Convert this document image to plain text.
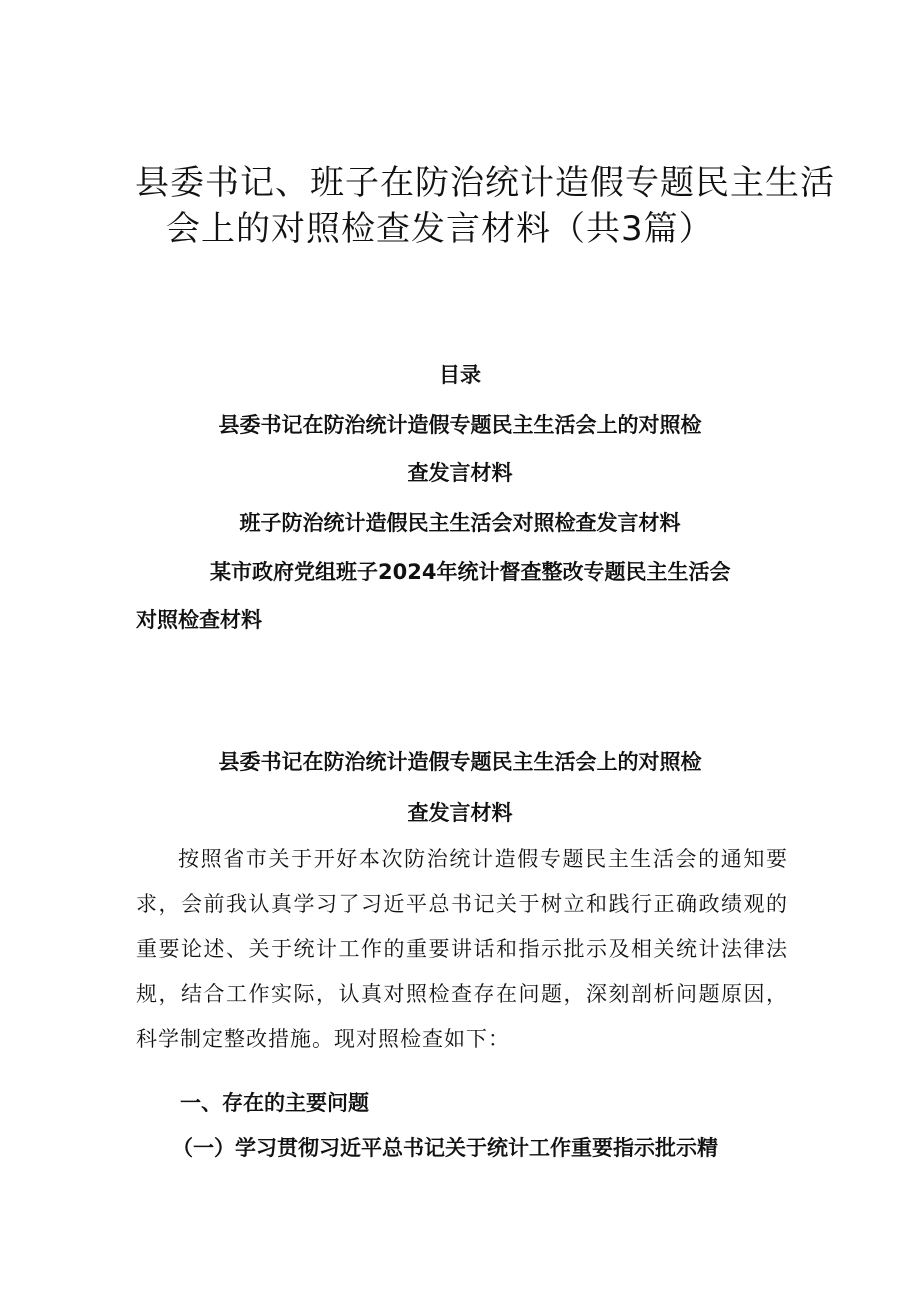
县委书记、班子在防治统计造假专题民主生活
会上的对照检查发言材料（共3篇）
目录
县委书记在防治统计造假专题民主生活会上的对照检
查发言材料
班子防治统计造假民主生活会对照检查发言材料
某市政府党组班子2024年统计督查整改专题民主生活会
对照检查材料
县委书记在防治统计造假专题民主生活会上的对照检
查发言材料
按照省市关于开好本次防治统计造假专题民主生活会的通知要求，会前我认真学习了习近平总书记关于树立和践行正确政绩观的重要论述、关于统计工作的重要讲话和指示批示及相关统计法律法规，结合工作实际，认真对照检查存在问题，深刻剖析问题原因，科学制定整改措施。现对照检查如下：
一、存在的主要问题
（一）学习贯彻习近平总书记关于统计工作重要指示批示精
